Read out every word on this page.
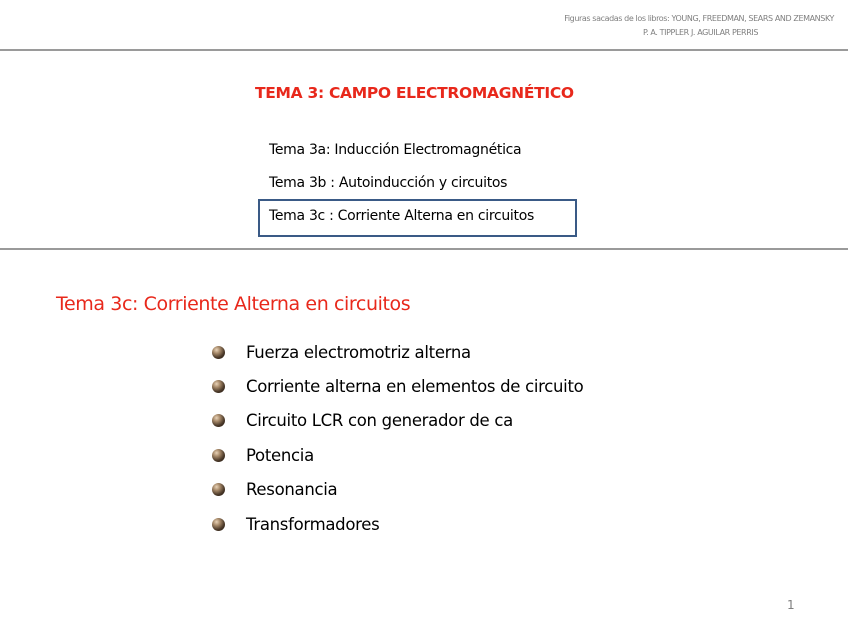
Figuras sacadas de los libros: YOUNG, FREEDMAN, SEARS AND ZEMANSKY
P. A. TIPPLER J. AGUILAR PERRIS
TEMA 3: CAMPO ELECTROMAGNÉTICO
Tema 3a: Inducción Electromagnética
Tema 3b : Autoinducción y circuitos
Tema 3c : Corriente Alterna en circuitos
Tema 3c: Corriente Alterna en circuitos
Fuerza electromotriz alterna
Corriente alterna en elementos de circuito
Circuito LCR con generador de ca
Potencia
Resonancia
Transformadores
1
